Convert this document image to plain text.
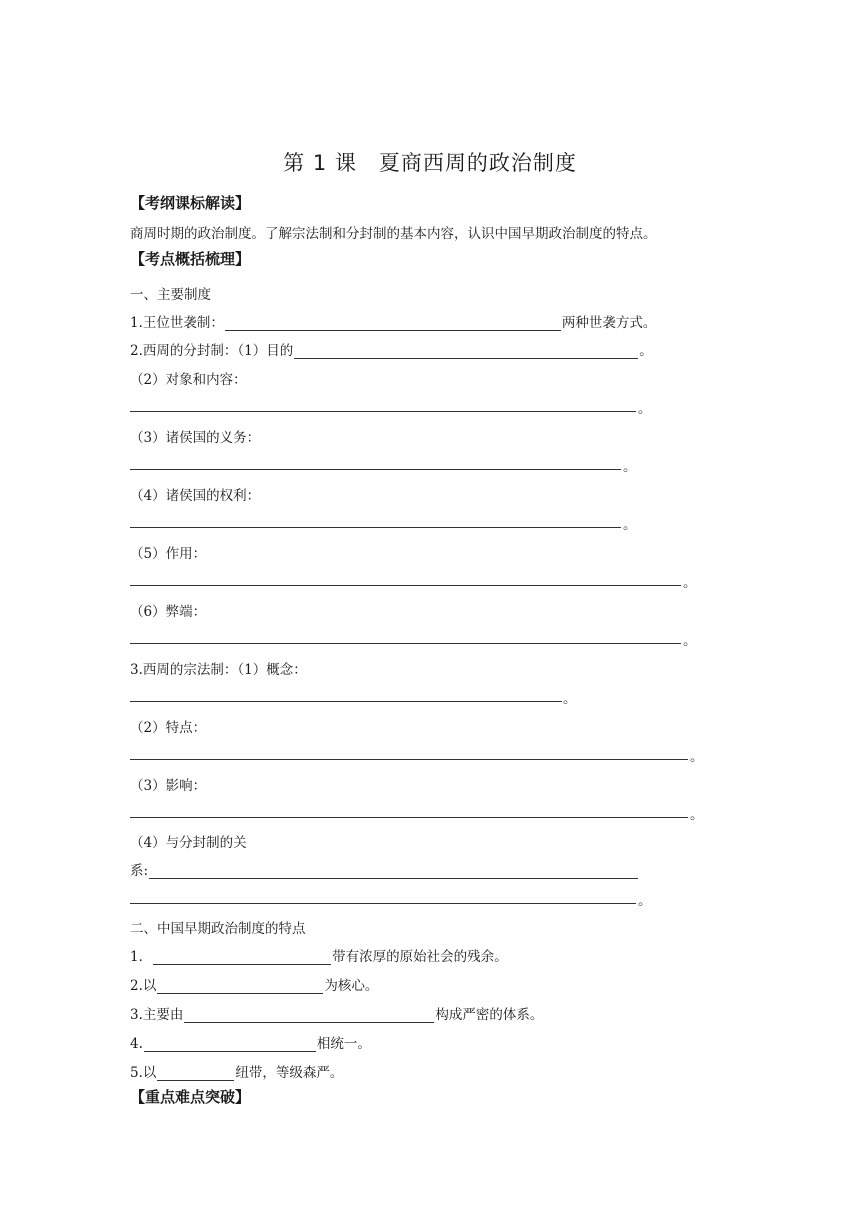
第 1 课　夏商西周的政治制度
【考纲课标解读】
商周时期的政治制度。了解宗法制和分封制的基本内容，认识中国早期政治制度的特点。
【考点概括梳理】
一、主要制度
1.王位世袭制：	两种世袭方式。
2.西周的分封制：（1）目的	。
（2）对象和内容：
。
（3）诸侯国的义务：
。
（4）诸侯国的权利：
。
（5）作用：
。
（6）弊端：
。
3.西周的宗法制：（1）概念：
。
（2）特点：
。
（3）影响：
。
（4）与分封制的关
系:
。
二、中国早期政治制度的特点
1．	带有浓厚的原始社会的残余。
2.以	为核心。
3.主要由	构成严密的体系。
4.	相统一。
5.以	纽带，等级森严。
【重点难点突破】
